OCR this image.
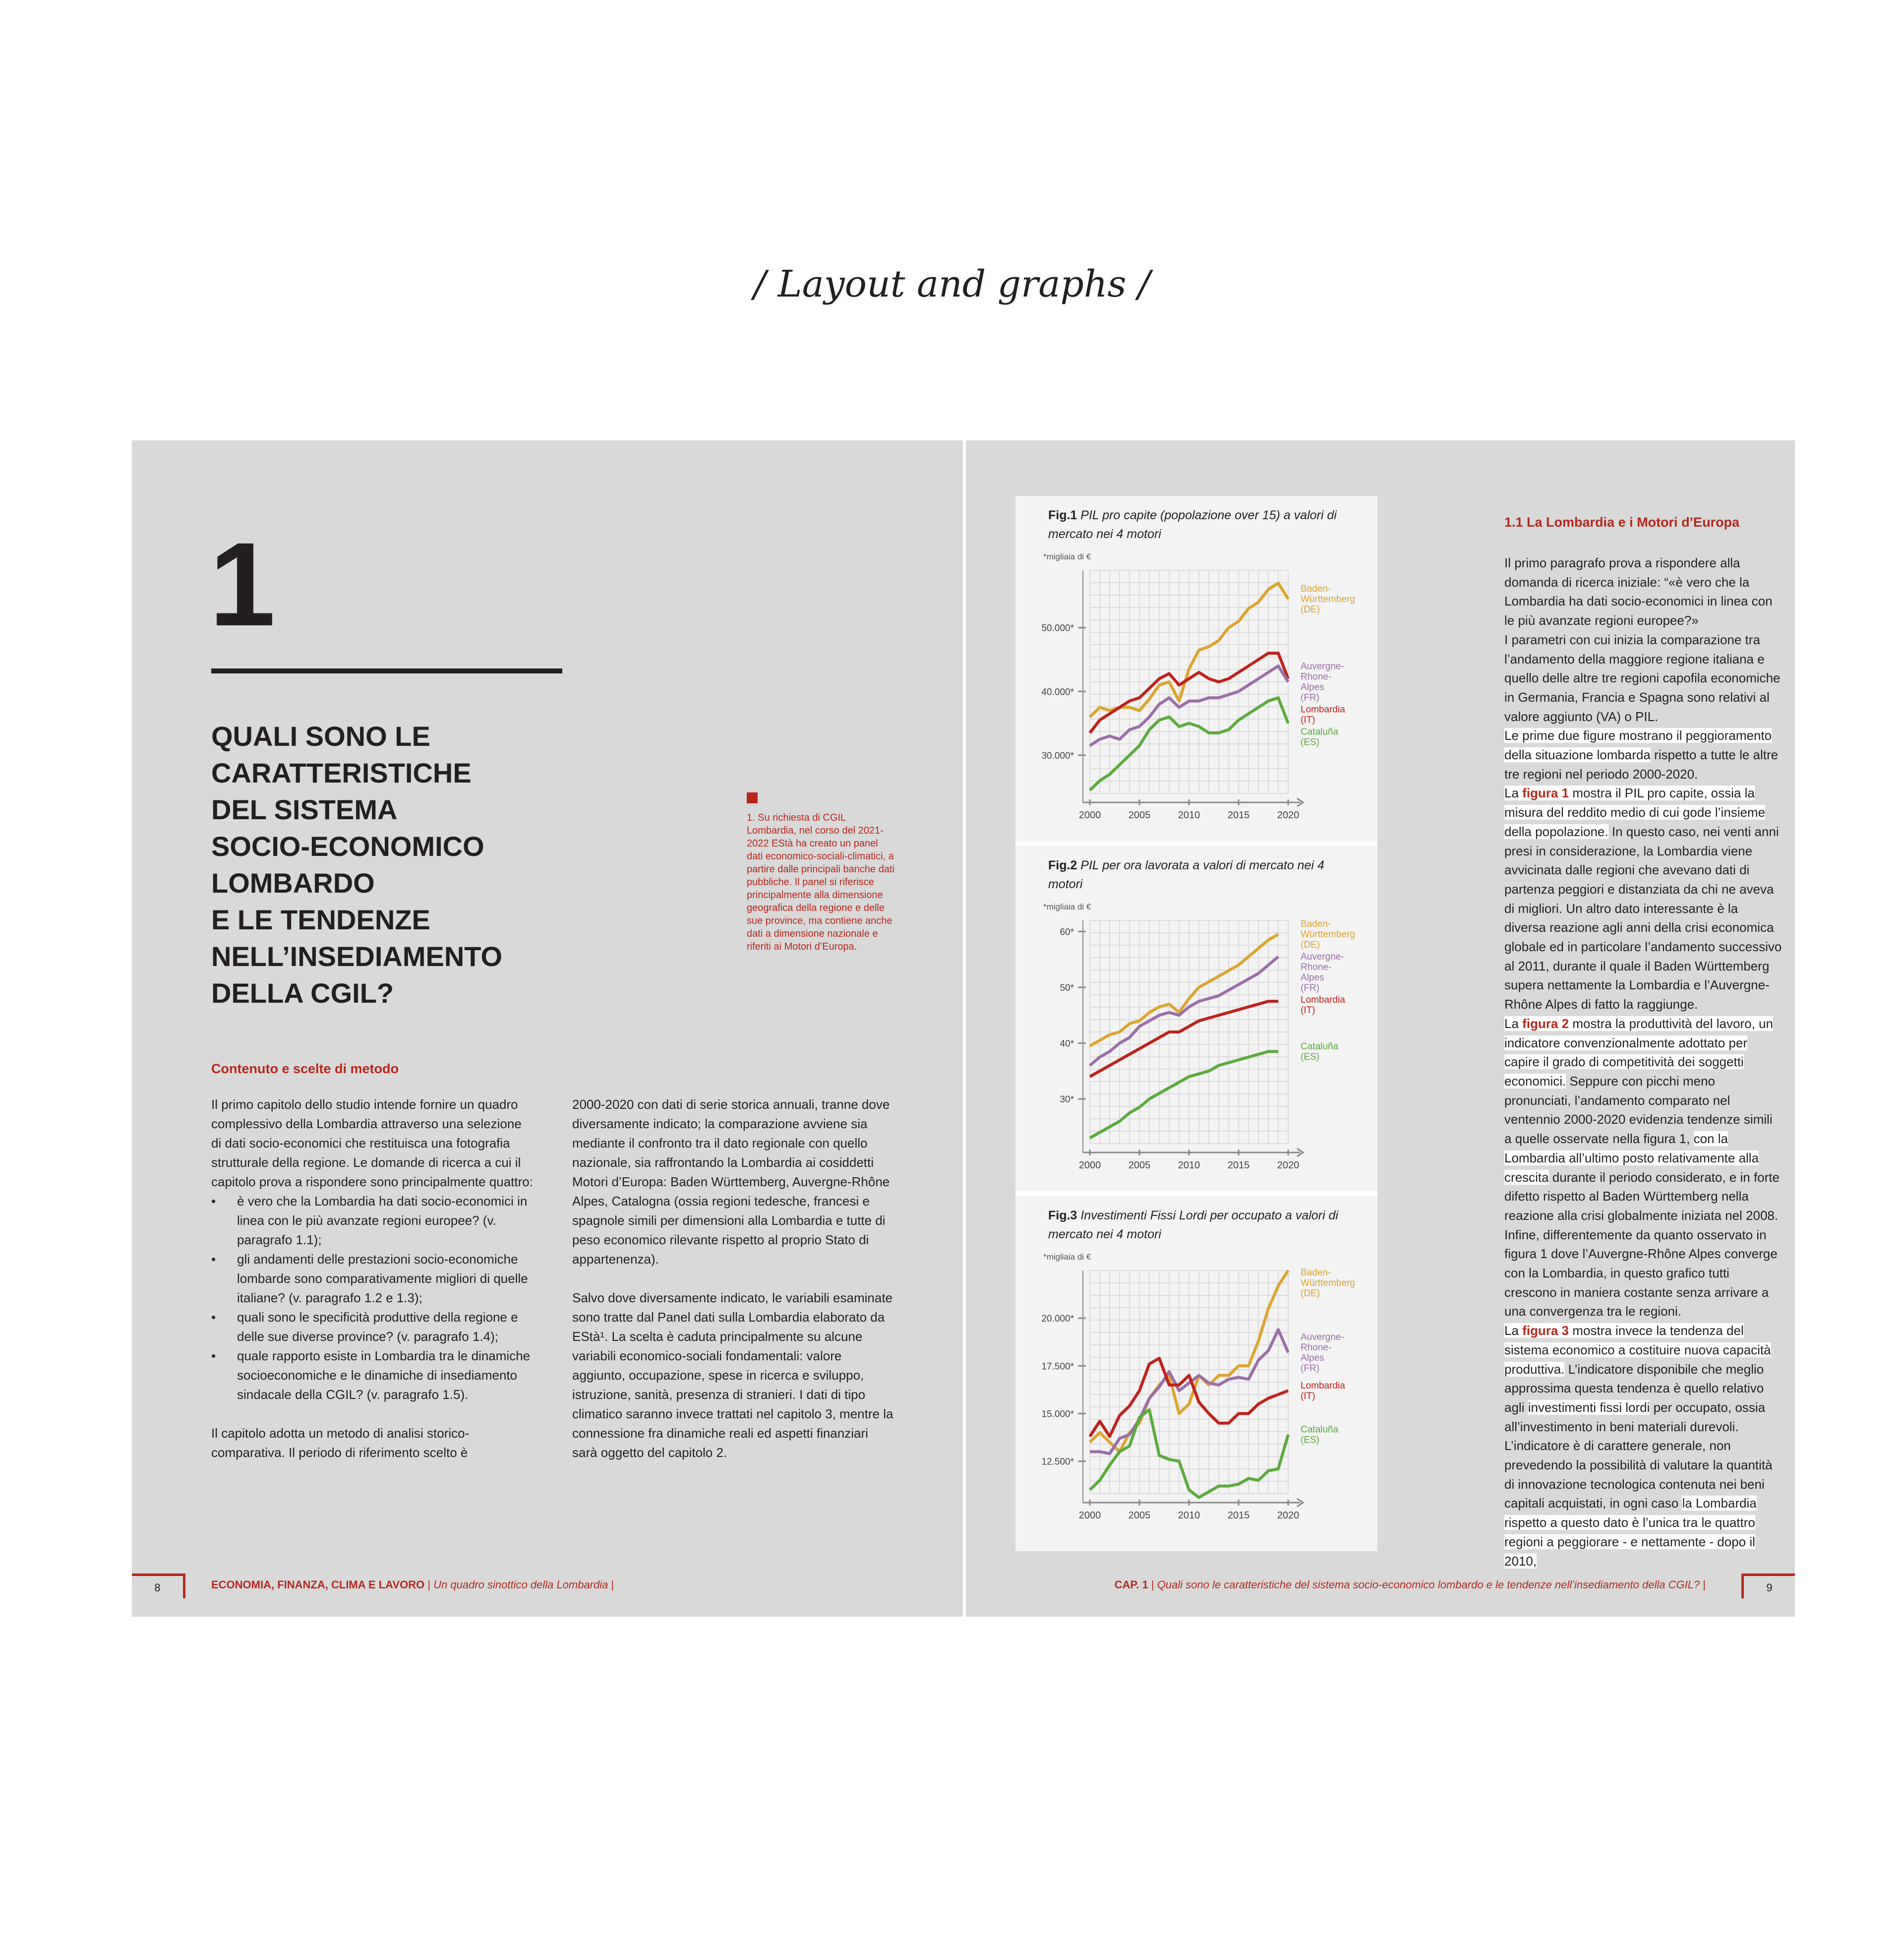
/ Layout and graphs /
1
QUALI SONO LE
CARATTERISTICHE
DEL SISTEMA
SOCIO-ECONOMICO
LOMBARDO
E LE TENDENZE
NELL’INSEDIAMENTO
DELLA CGIL?
1. Su richiesta di CGIL Lombardia, nel corso del 2021-2022 EStà ha creato un panel dati economico-sociali-climatici, a partire dalle principali banche dati pubbliche. Il panel si riferisce principalmente alla dimensione geografica della regione e delle sue province, ma contiene anche dati a dimensione nazionale e riferiti ai Motori d’Europa.
Contenuto e scelte di metodo
Il primo capitolo dello studio intende fornire un quadro complessivo della Lombardia attraverso una selezione di dati socio-economici che restituisca una fotografia strutturale della regione. Le domande di ricerca a cui il capitolo prova a rispondere sono principalmente quattro:
• è vero che la Lombardia ha dati socio-economici in linea con le più avanzate regioni europee? (v. paragrafo 1.1);
• gli andamenti delle prestazioni socio-economiche lombarde sono comparativamente migliori di quelle italiane? (v. paragrafo 1.2 e 1.3);
• quali sono le specificità produttive della regione e delle sue diverse province? (v. paragrafo 1.4);
• quale rapporto esiste in Lombardia tra le dinamiche socioeconomiche e le dinamiche di insediamento sindacale della CGIL? (v. paragrafo 1.5).
Il capitolo adotta un metodo di analisi storico-comparativa. Il periodo di riferimento scelto è

2000-2020 con dati di serie storica annuali, tranne dove diversamente indicato; la comparazione avviene sia mediante il confronto tra il dato regionale con quello nazionale, sia raffrontando la Lombardia ai cosiddetti Motori d’Europa: Baden Württemberg, Auvergne-Rhône Alpes, Catalogna (ossia regioni tedesche, francesi e spagnole simili per dimensioni alla Lombardia e tutte di peso economico rilevante rispetto al proprio Stato di appartenenza).

Salvo dove diversamente indicato, le variabili esaminate sono tratte dal Panel dati sulla Lombardia elaborato da EStà¹. La scelta è caduta principalmente su alcune variabili economico-sociali fondamentali: valore aggiunto, occupazione, spese in ricerca e sviluppo, istruzione, sanità, presenza di stranieri. I dati di tipo climatico saranno invece trattati nel capitolo 3, mentre la connessione fra dinamiche reali ed aspetti finanziari sarà oggetto del capitolo 2.

8	ECONOMIA, FINANZA, CLIMA E LAVORO | Un quadro sinottico della Lombardia |
Fig.1 PIL pro capite (popolazione over 15) a valori di mercato nei 4 motori
*migliaia di €
2000	2005	2010	2015	2020
30.000*
40.000*
50.000*
Baden-Württemberg (DE)
Lombardia (IT)
Auvergne-Rhone-Alpes (FR)
Cataluña (ES)
Fig.2 PIL per ora lavorata a valori di mercato nei 4 motori
*migliaia di €
2000	2005	2010	2015	2020
30*
40*
50*
60*
Baden-Württemberg (DE)
Auvergne-Rhone-Alpes (FR)
Lombardia (IT)
Cataluña (ES)
Fig.3 Investimenti Fissi Lordi per occupato a valori di mercato nei 4 motori
*migliaia di €
2000	2005	2010	2015	2020
12.500*
15.000*
17.500*
20.000*
Baden-Württemberg (DE)
Auvergne-Rhone-Alpes (FR)
Lombardia (IT)
Cataluña (ES)
1.1 La Lombardia e i Motori d’Europa
Il primo paragrafo prova a rispondere alla domanda di ricerca iniziale: “«è vero che la Lombardia ha dati socio-economici in linea con le più avanzate regioni europee?»
I parametri con cui inizia la comparazione tra l’andamento della maggiore regione italiana e quello delle altre tre regioni capofila economiche in Germania, Francia e Spagna sono relativi al valore aggiunto (VA) o PIL.
Le prime due figure mostrano il peggioramento della situazione lombarda rispetto a tutte le altre tre regioni nel periodo 2000-2020.
La figura 1 mostra il PIL pro capite, ossia la misura del reddito medio di cui gode l’insieme della popolazione. In questo caso, nei venti anni presi in considerazione, la Lombardia viene avvicinata dalle regioni che avevano dati di partenza peggiori e distanziata da chi ne aveva di migliori. Un altro dato interessante è la diversa reazione agli anni della crisi economica globale ed in particolare l’andamento successivo al 2011, durante il quale il Baden Württemberg supera nettamente la Lombardia e l’Auvergne-Rhône Alpes di fatto la raggiunge.
La figura 2 mostra la produttività del lavoro, un indicatore convenzionalmente adottato per capire il grado di competitività dei soggetti economici. Seppure con picchi meno pronunciati, l’andamento comparato nel ventennio 2000-2020 evidenzia tendenze simili a quelle osservate nella figura 1, con la Lombardia all’ultimo posto relativamente alla crescita durante il periodo considerato, e in forte difetto rispetto al Baden Württemberg nella reazione alla crisi globalmente iniziata nel 2008. Infine, differentemente da quanto osservato in figura 1 dove l’Auvergne-Rhône Alpes converge con la Lombardia, in questo grafico tutti crescono in maniera costante senza arrivare a una convergenza tra le regioni.
La figura 3 mostra invece la tendenza del sistema economico a costituire nuova capacità produttiva. L’indicatore disponibile che meglio approssima questa tendenza è quello relativo agli investimenti fissi lordi per occupato, ossia all’investimento in beni materiali durevoli. L’indicatore è di carattere generale, non prevedendo la possibilità di valutare la quantità di innovazione tecnologica contenuta nei beni capitali acquistati, in ogni caso la Lombardia rispetto a questo dato è l’unica tra le quattro regioni a peggiorare - e nettamente - dopo il 2010,
CAP. 1 | Quali sono le caratteristiche del sistema socio-economico lombardo e le tendenze nell’insediamento della CGIL? |	9
